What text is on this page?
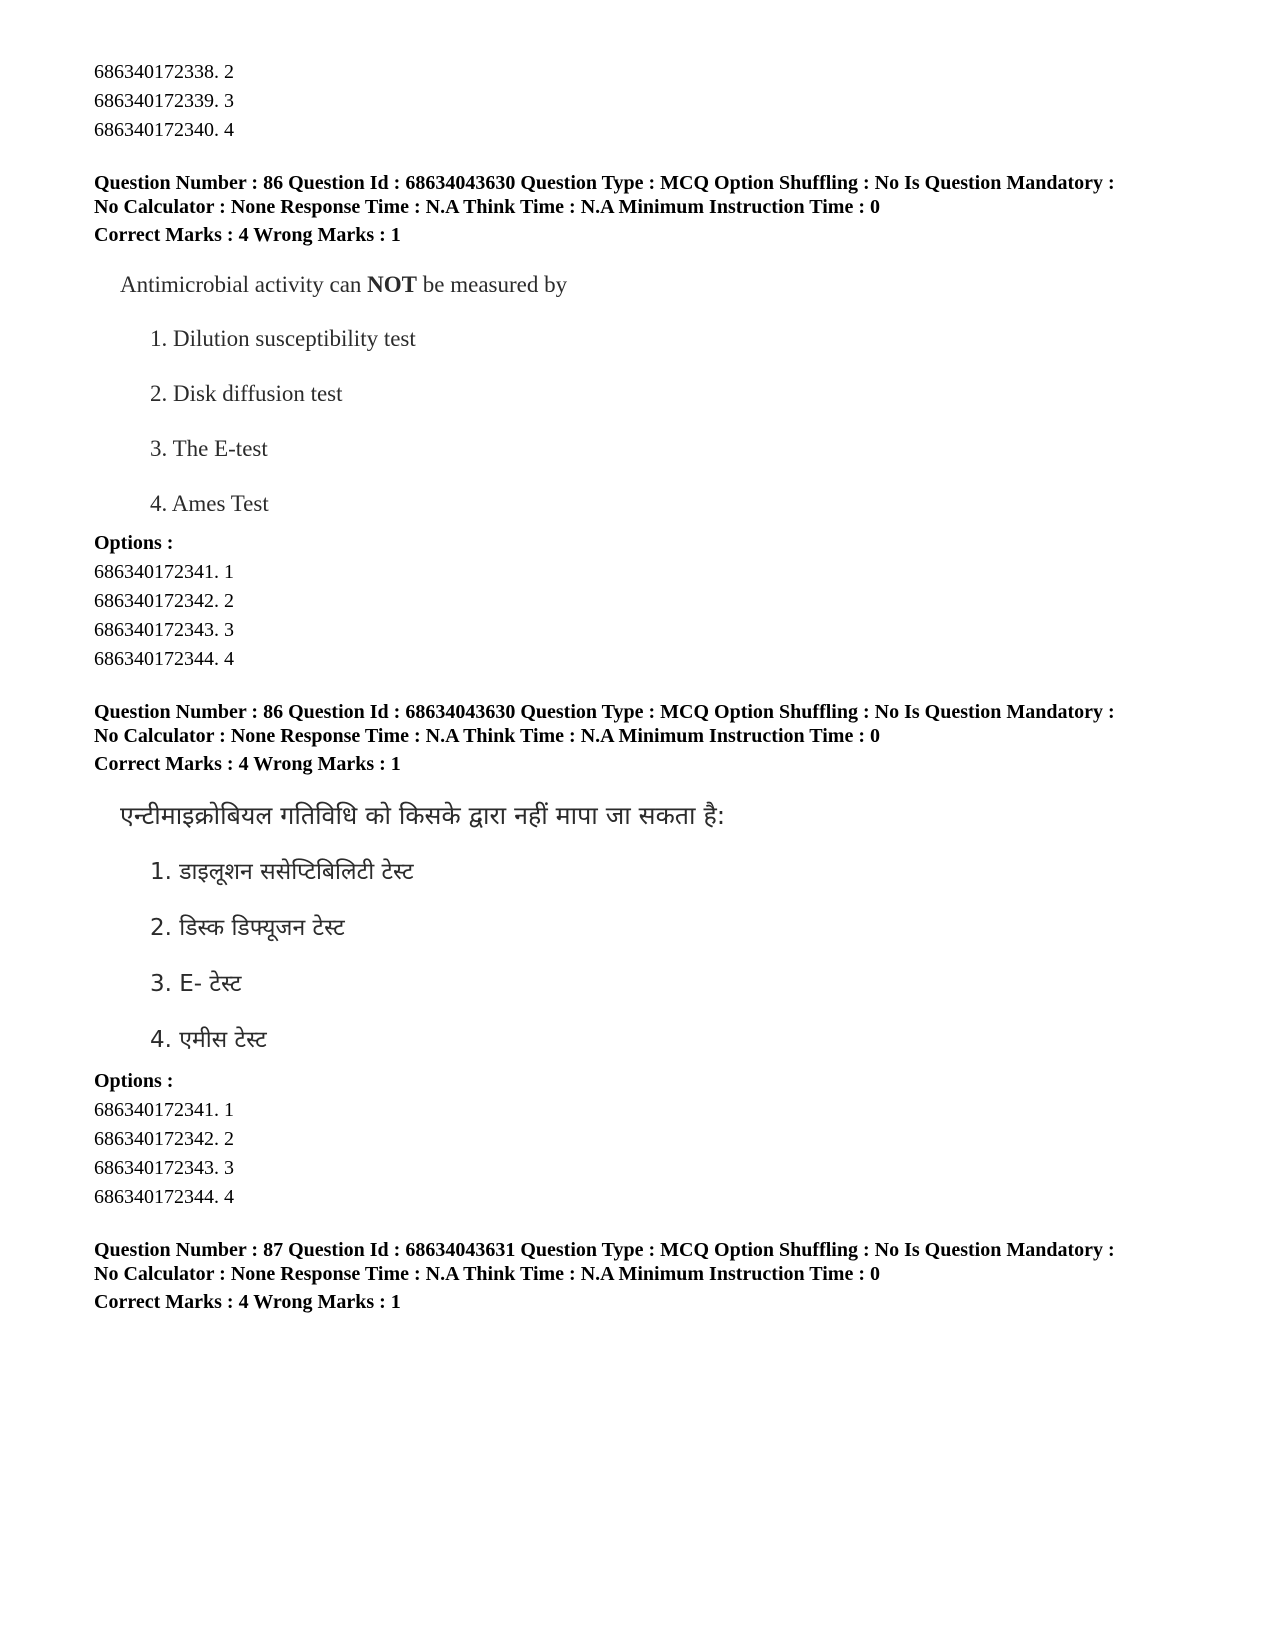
686340172338. 2
686340172339. 3
686340172340. 4
Question Number : 86 Question Id : 68634043630 Question Type : MCQ Option Shuffling : No Is Question Mandatory :
No Calculator : None Response Time : N.A Think Time : N.A Minimum Instruction Time : 0
Correct Marks : 4 Wrong Marks : 1
Antimicrobial activity can NOT be measured by
1. Dilution susceptibility test
2. Disk diffusion test
3. The E-test
4. Ames Test
Options :
686340172341. 1
686340172342. 2
686340172343. 3
686340172344. 4
Question Number : 86 Question Id : 68634043630 Question Type : MCQ Option Shuffling : No Is Question Mandatory :
No Calculator : None Response Time : N.A Think Time : N.A Minimum Instruction Time : 0
Correct Marks : 4 Wrong Marks : 1
एन्टीमाइक्रोबियल गतिविधि को किसके द्वारा नहीं मापा जा सकता है:
1. डाइलूशन ससेप्टिबिलिटी टेस्ट
2. डिस्क डिफ्यूजन टेस्ट
3. E- टेस्ट
4. एमीस टेस्ट
Options :
686340172341. 1
686340172342. 2
686340172343. 3
686340172344. 4
Question Number : 87 Question Id : 68634043631 Question Type : MCQ Option Shuffling : No Is Question Mandatory :
No Calculator : None Response Time : N.A Think Time : N.A Minimum Instruction Time : 0
Correct Marks : 4 Wrong Marks : 1
